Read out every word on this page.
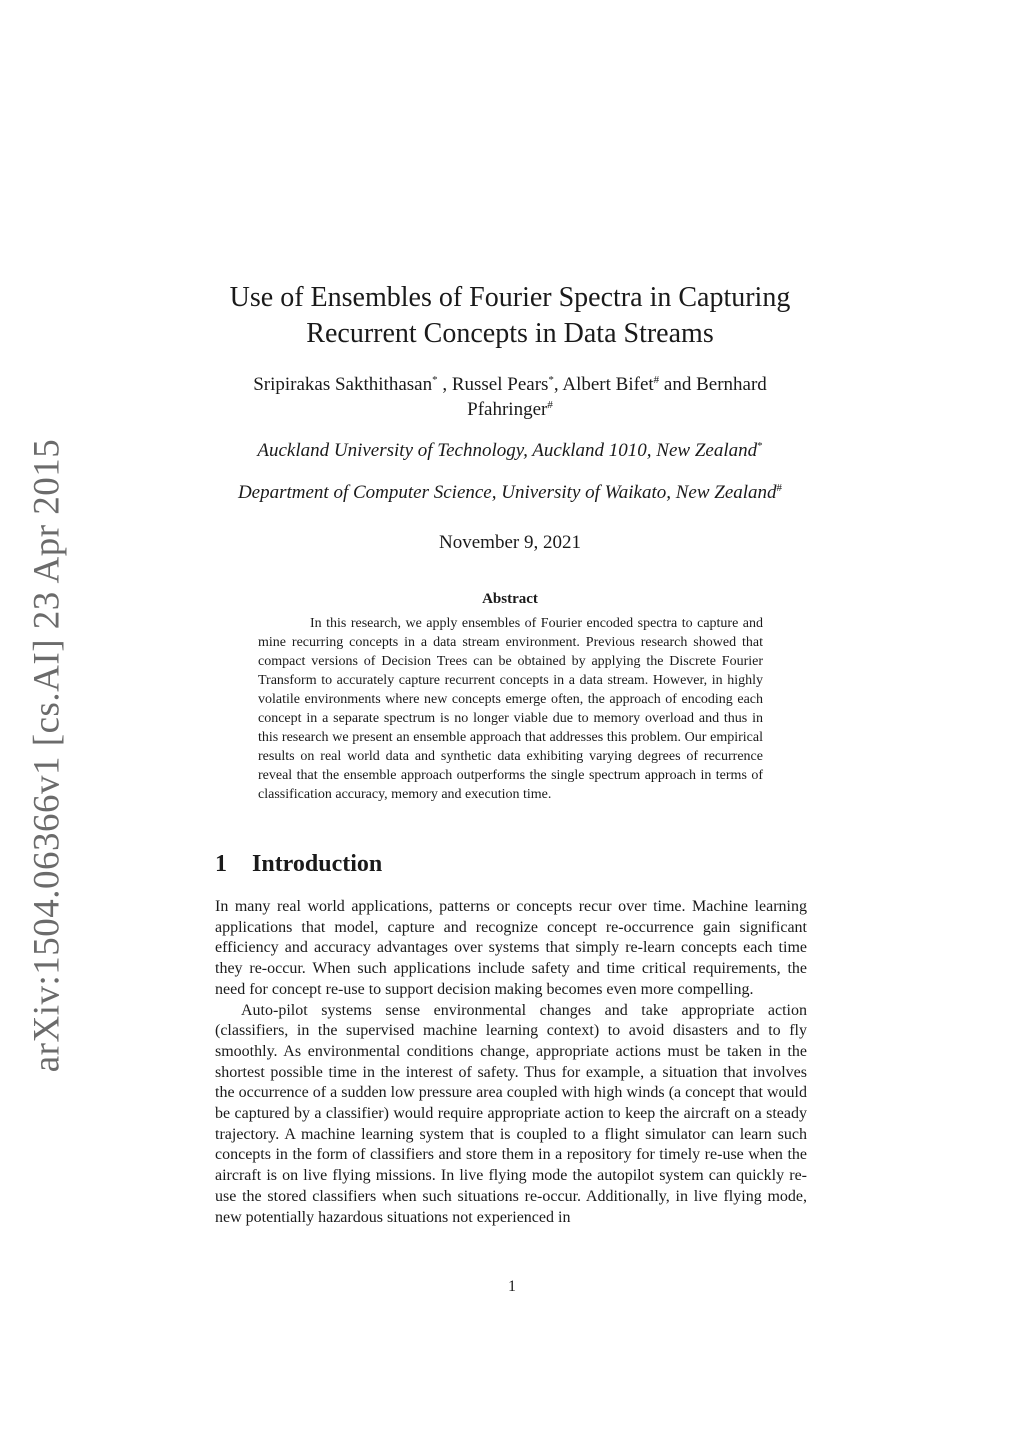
arXiv:1504.06366v1 [cs.AI] 23 Apr 2015
Use of Ensembles of Fourier Spectra in Capturing
Recurrent Concepts in Data Streams
Sripirakas Sakthithasan* , Russel Pears*, Albert Bifet# and Bernhard
Pfahringer#
Auckland University of Technology, Auckland 1010, New Zealand*
Department of Computer Science, University of Waikato, New Zealand#
November 9, 2021
Abstract

In this research, we apply ensembles of Fourier encoded spectra to capture and mine recurring concepts in a data stream environment. Previous research showed that compact versions of Decision Trees can be obtained by applying the Discrete Fourier Transform to accurately capture recurrent concepts in a data stream. However, in highly volatile environments where new concepts emerge often, the approach of encoding each concept in a separate spectrum is no longer viable due to memory overload and thus in this research we present an ensemble approach that addresses this problem. Our empirical results on real world data and synthetic data exhibiting varying degrees of recurrence reveal that the ensemble approach outperforms the single spectrum approach in terms of classification accuracy, memory and execution time.

1 Introduction

In many real world applications, patterns or concepts recur over time. Machine learning applications that model, capture and recognize concept re-occurrence gain significant efficiency and accuracy advantages over systems that simply re-learn concepts each time they re-occur. When such applications include safety and time critical requirements, the need for concept re-use to support decision making becomes even more compelling.

Auto-pilot systems sense environmental changes and take appropriate action (classifiers, in the supervised machine learning context) to avoid disasters and to fly smoothly. As environmental conditions change, appropriate actions must be taken in the shortest possible time in the interest of safety. Thus for example, a situation that involves the occurrence of a sudden low pressure area coupled with high winds (a concept that would be captured by a classifier) would require appropriate action to keep the aircraft on a steady trajectory. A machine learning system that is coupled to a flight simulator can learn such concepts in the form of classifiers and store them in a repository for timely re-use when the aircraft is on live flying missions. In live flying mode the autopilot system can quickly re-use the stored classifiers when such situations re-occur. Additionally, in live flying mode, new potentially hazardous situations not experienced in

1
